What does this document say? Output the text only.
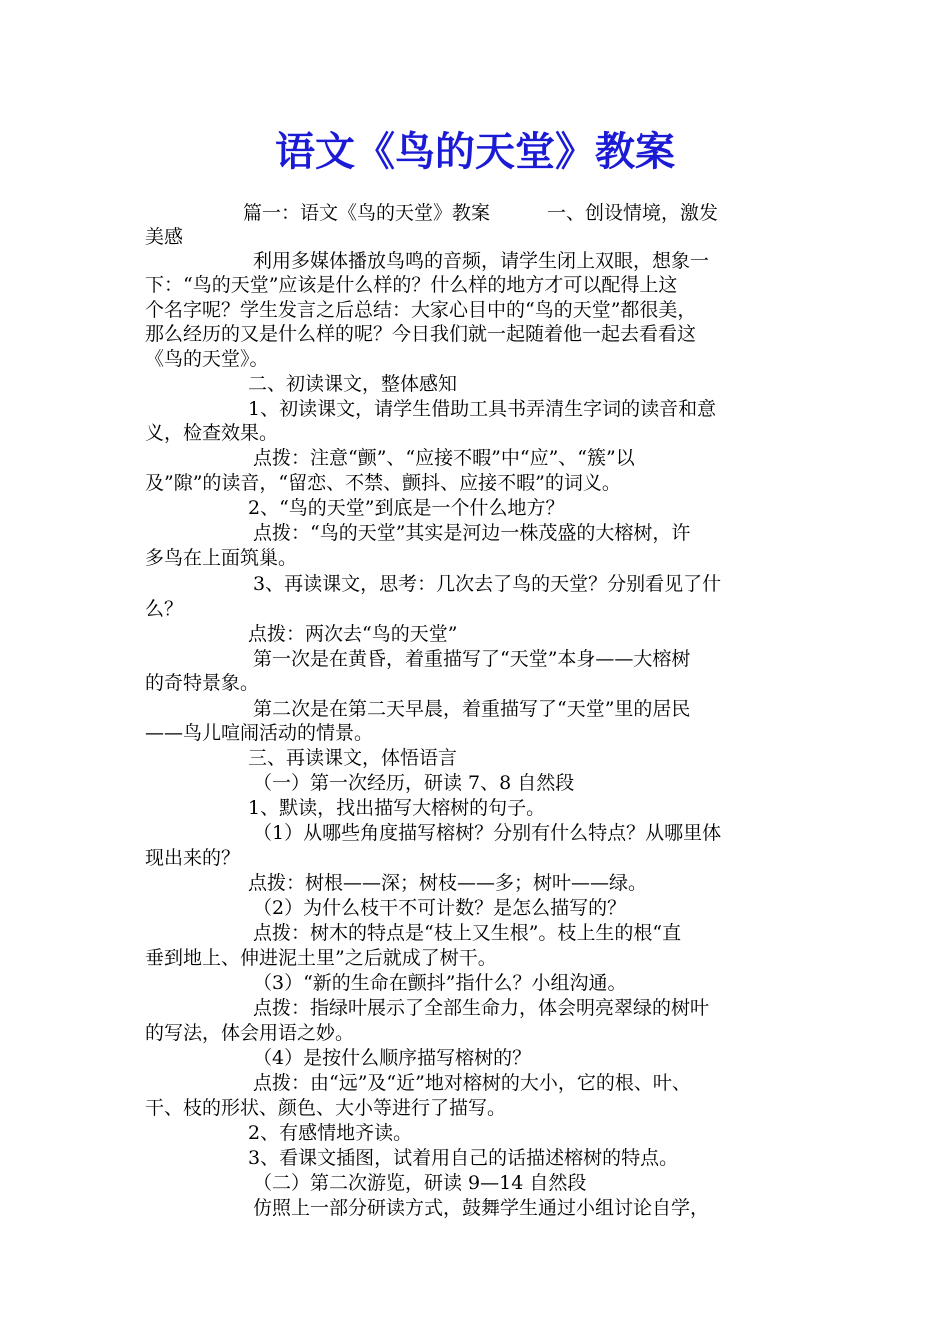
语文《鸟的天堂》教案
篇一：语文《鸟的天堂》教案　　　一、创设情境，激发
美感
利用多媒体播放鸟鸣的音频，请学生闭上双眼，想象一
下：“鸟的天堂”应该是什么样的？什么样的地方才可以配得上这
个名字呢？学生发言之后总结：大家心目中的“鸟的天堂”都很美，
那么经历的又是什么样的呢？今日我们就一起随着他一起去看看这
《鸟的天堂》。
二、初读课文，整体感知
1、初读课文，请学生借助工具书弄清生字词的读音和意
义，检查效果。
点拨：注意“颤”、“应接不暇”中“应”、“簇”以
及”隙”的读音，“留恋、不禁、颤抖、应接不暇”的词义。
2、“鸟的天堂”到底是一个什么地方？
点拨：“鸟的天堂”其实是河边一株茂盛的大榕树，许
多鸟在上面筑巢。
3、再读课文，思考：几次去了鸟的天堂？分别看见了什
么？
点拨：两次去“鸟的天堂”
第一次是在黄昏，着重描写了“天堂”本身——大榕树
的奇特景象。
第二次是在第二天早晨，着重描写了“天堂”里的居民
——鸟儿喧闹活动的情景。
三、再读课文，体悟语言
（一）第一次经历，研读 7、8 自然段
1、默读，找出描写大榕树的句子。
（1）从哪些角度描写榕树？分别有什么特点？从哪里体
现出来的？
点拨：树根——深；树枝——多；树叶——绿。
（2）为什么枝干不可计数？是怎么描写的？
点拨：树木的特点是“枝上又生根”。枝上生的根“直
垂到地上、伸进泥土里”之后就成了树干。
（3）“新的生命在颤抖”指什么？小组沟通。
点拨：指绿叶展示了全部生命力，体会明亮翠绿的树叶
的写法，体会用语之妙。
（4）是按什么顺序描写榕树的？
点拨：由“远”及“近”地对榕树的大小，它的根、叶、
干、枝的形状、颜色、大小等进行了描写。
2、有感情地齐读。
3、看课文插图，试着用自己的话描述榕树的特点。
（二）第二次游览，研读 9—14 自然段
仿照上一部分研读方式，鼓舞学生通过小组讨论自学，
